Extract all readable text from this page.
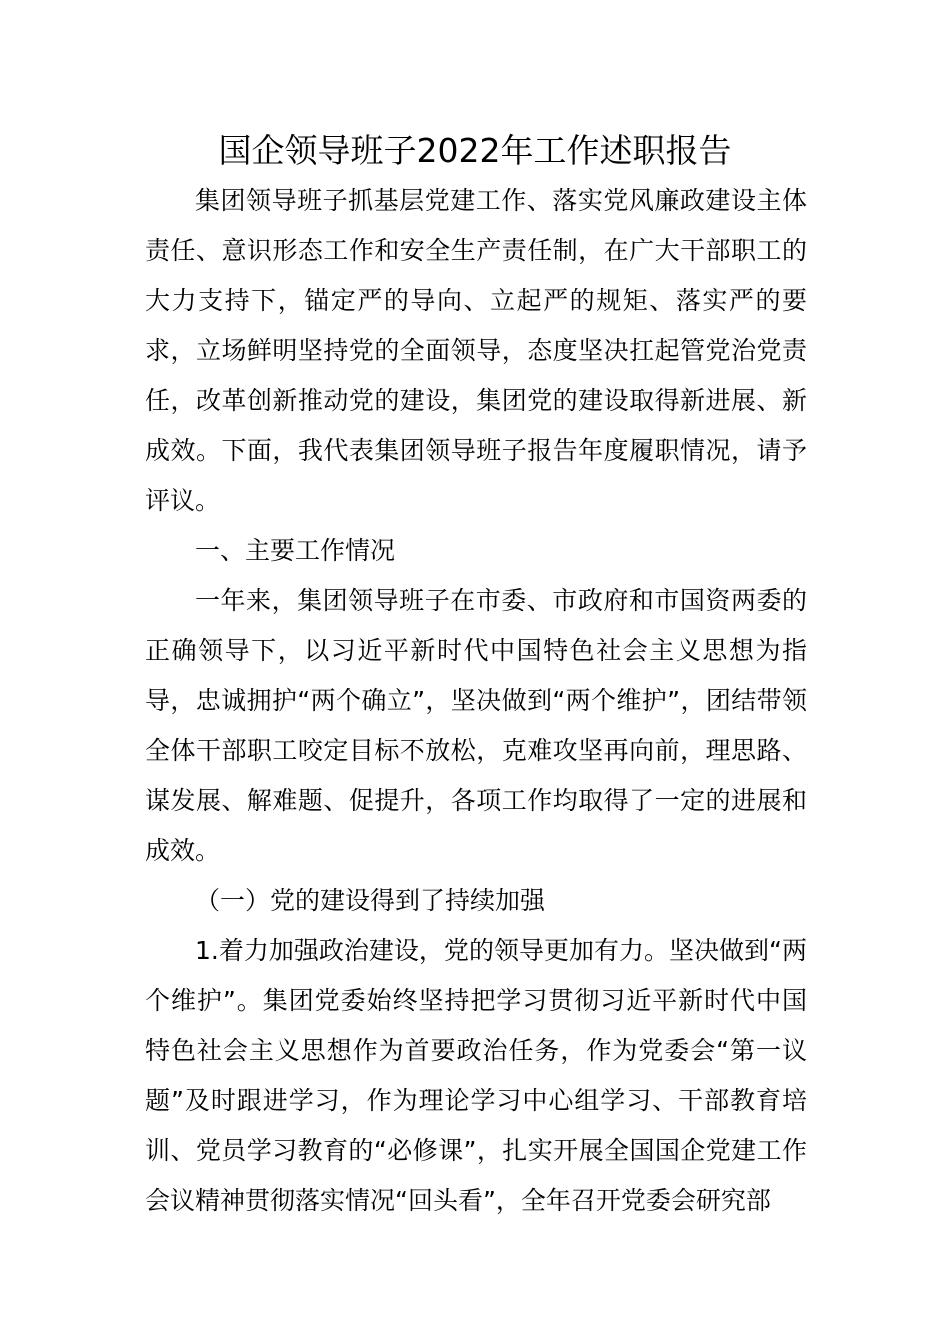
国企领导班子2022年工作述职报告

集团领导班子抓基层党建工作、落实党风廉政建设主体责任、意识形态工作和安全生产责任制，在广大干部职工的大力支持下，锚定严的导向、立起严的规矩、落实严的要求，立场鲜明坚持党的全面领导，态度坚决扛起管党治党责任，改革创新推动党的建设，集团党的建设取得新进展、新成效。下面，我代表集团领导班子报告年度履职情况，请予评议。

一、主要工作情况

一年来，集团领导班子在市委、市政府和市国资两委的正确领导下，以习近平新时代中国特色社会主义思想为指导，忠诚拥护“两个确立”，坚决做到“两个维护”，团结带领全体干部职工咬定目标不放松，克难攻坚再向前，理思路、谋发展、解难题、促提升，各项工作均取得了一定的进展和成效。

（一）党的建设得到了持续加强

1.着力加强政治建设，党的领导更加有力。坚决做到“两个维护”。集团党委始终坚持把学习贯彻习近平新时代中国特色社会主义思想作为首要政治任务，作为党委会“第一议题”及时跟进学习，作为理论学习中心组学习、干部教育培训、党员学习教育的“必修课”，扎实开展全国国企党建工作会议精神贯彻落实情况“回头看”，全年召开党委会研究部
